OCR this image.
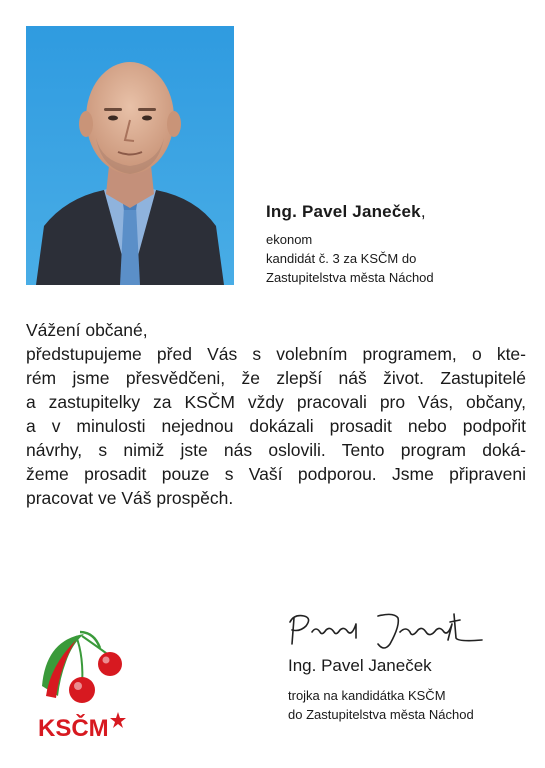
Ing. Pavel Janeček,
ekonom
kandidát č. 3 za KSČM do
Zastupitelstva města Náchod
Vážení občané,
předstupujeme před Vás s volebním programem, o kte-
rém jsme přesvědčeni, že zlepší náš život. Zastupitelé
a zastupitelky za KSČM vždy pracovali pro Vás, občany,
a v minulosti nejednou dokázali prosadit nebo podpořit
návrhy, s nimiž jste nás oslovili. Tento program doká-
žeme prosadit pouze s Vaší podporou. Jsme připraveni
pracovat ve Váš prospěch.
Ing. Pavel Janeček
trojka na kandidátka KSČM
do Zastupitelstva města Náchod
KSČM
